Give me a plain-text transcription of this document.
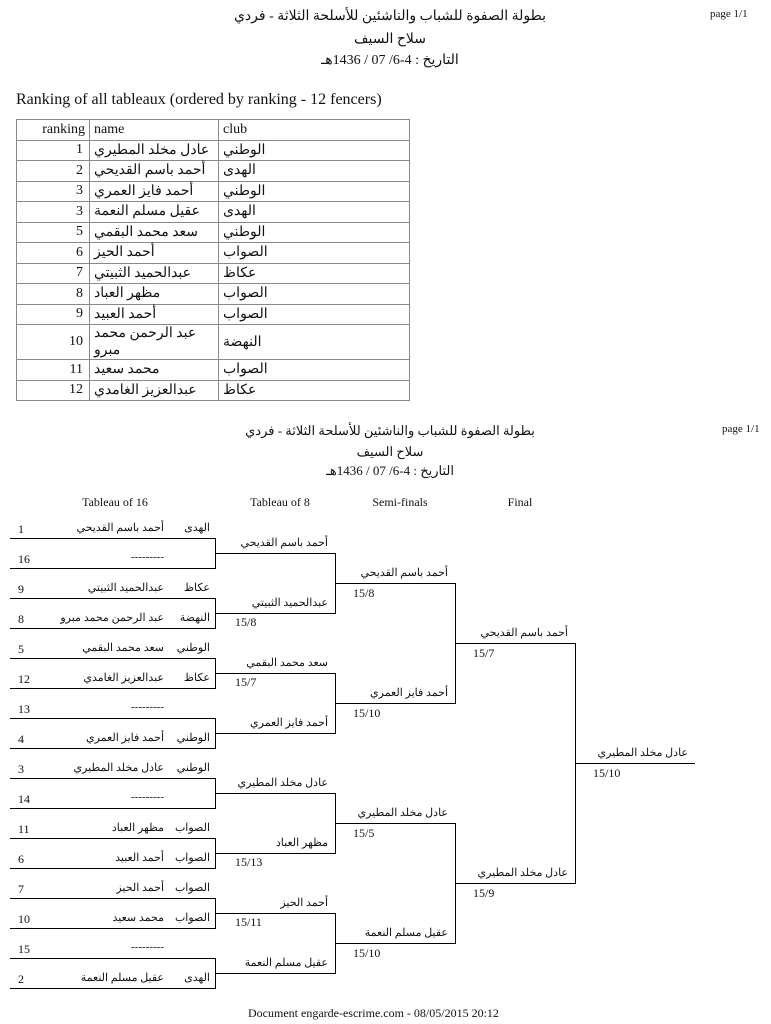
page 1/1
بطولة الصفوة للشباب والناشئين للأسلحة الثلاثة - فردي
سلاح السيف
التاريخ : 4-6/ 07 / 1436هـ
Ranking of all tableaux (ordered by ranking - 12 fencers)
ranking	name	club
1	عادل مخلد المطيري	الوطني
2	أحمد باسم القديحي	الهدى
3	أحمد فايز العمري	الوطني
3	عقيل مسلم النعمة	الهدى
5	سعد محمد البقمي	الوطني
6	أحمد الحيز	الصواب
7	عبدالحميد الثبيتي	عكاظ
8	مظهر العباد	الصواب
9	أحمد العبيد	الصواب
10	عبد الرحمن محمد مبرو	النهضة
11	محمد سعيد	الصواب
12	عبدالعزيز الغامدي	عكاظ
page 1/1
بطولة الصفوة للشباب والناشئين للأسلحة الثلاثة - فردي
سلاح السيف
التاريخ : 4-6/ 07 / 1436هـ
Tableau of 16	Tableau of 8	Semi-finals	Final
1	أحمد باسم القديحي	الهدى
16	---------
9	عبدالحميد الثبيتي	عكاظ
8	عبد الرحمن محمد مبرو	النهضة
5	سعد محمد البقمي	الوطني
12	عبدالعزيز الغامدي	عكاظ
13	---------
4	أحمد فايز العمري	الوطني
3	عادل مخلد المطيري	الوطني
14	---------
11	مظهر العباد الصواب
6	أحمد العبيد الصواب
7	أحمد الحيز الصواب
10	محمد سعيد الصواب
15	---------
2	عقيل مسلم النعمة	الهدى
أحمد باسم القديحي
عبدالحميد الثبيتي
15/8
سعد محمد البقمي
15/7
أحمد فايز العمري
عادل مخلد المطيري
مظهر العباد
15/13
أحمد الحيز
15/11
عقيل مسلم النعمة
أحمد باسم القديحي
15/8
أحمد فايز العمري
15/10
عادل مخلد المطيري
15/5
عقيل مسلم النعمة
15/10
أحمد باسم القديحي
15/7
عادل مخلد المطيري
15/9
عادل مخلد المطيري
15/10
Document engarde-escrime.com - 08/05/2015 20:12
